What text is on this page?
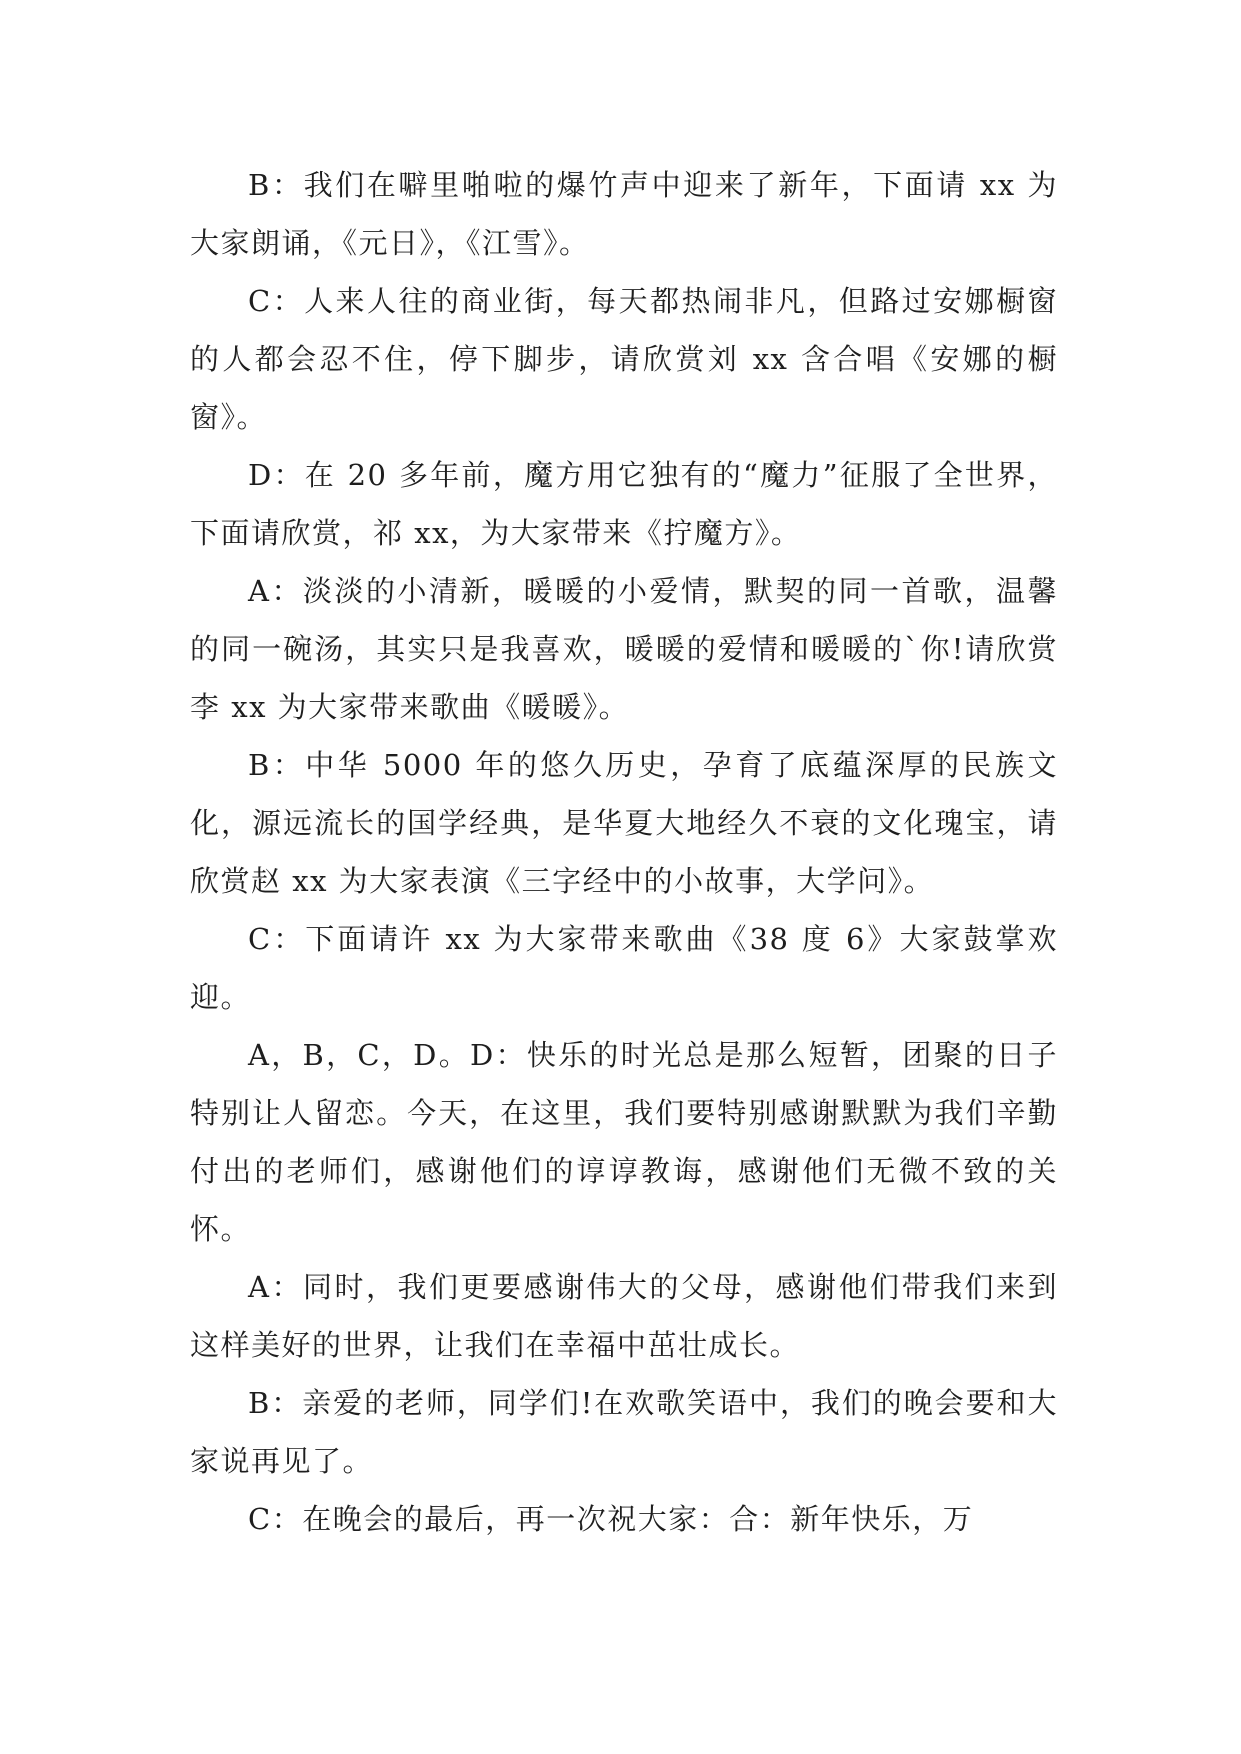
B：我们在噼里啪啦的爆竹声中迎来了新年，下面请 xx 为大家朗诵，《元日》，《江雪》。

C：人来人往的商业街，每天都热闹非凡，但路过安娜橱窗的人都会忍不住，停下脚步，请欣赏刘 xx 含合唱《安娜的橱窗》。

D：在 20 多年前，魔方用它独有的“魔力”征服了全世界，下面请欣赏，祁 xx，为大家带来《拧魔方》。

A：淡淡的小清新，暖暖的小爱情，默契的同一首歌，温馨的同一碗汤，其实只是我喜欢，暖暖的爱情和暖暖的`你!请欣赏李 xx 为大家带来歌曲《暖暖》。

B：中华 5000 年的悠久历史，孕育了底蕴深厚的民族文化，源远流长的国学经典，是华夏大地经久不衰的文化瑰宝，请欣赏赵 xx 为大家表演《三字经中的小故事，大学问》。

C：下面请许 xx 为大家带来歌曲《38 度 6》大家鼓掌欢迎。

A，B，C，D。D：快乐的时光总是那么短暂，团聚的日子特别让人留恋。今天，在这里，我们要特别感谢默默为我们辛勤付出的老师们，感谢他们的谆谆教诲，感谢他们无微不致的关怀。

A：同时，我们更要感谢伟大的父母，感谢他们带我们来到这样美好的世界，让我们在幸福中茁壮成长。

B：亲爱的老师，同学们!在欢歌笑语中，我们的晚会要和大家说再见了。

C：在晚会的最后，再一次祝大家：合：新年快乐，万
